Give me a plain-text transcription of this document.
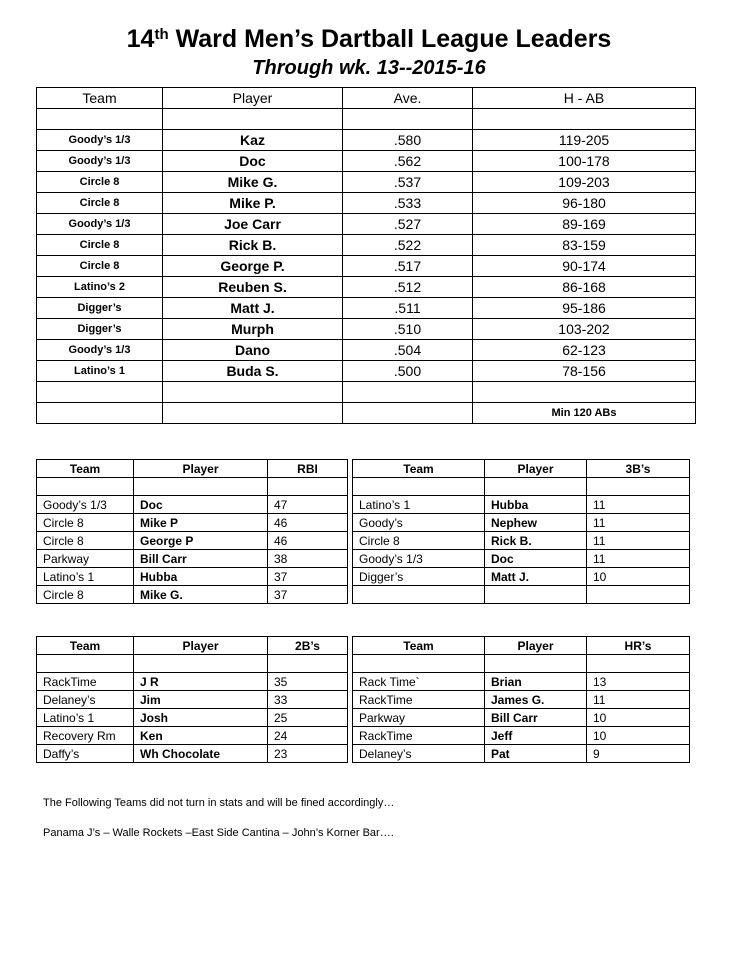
14th Ward Men’s Dartball League Leaders
Through wk. 13--2015-16
Team	Player	Ave.	H - AB

Goody’s 1/3	Kaz	.580	119-205
Goody’s 1/3	Doc	.562	100-178
Circle 8	Mike G.	.537	109-203
Circle 8	Mike P.	.533	96-180
Goody’s 1/3	Joe Carr	.527	89-169
Circle 8	Rick B.	.522	83-159
Circle 8	George P.	.517	90-174
Latino’s 2	Reuben S.	.512	86-168
Digger’s	Matt J.	.511	95-186
Digger’s	Murph	.510	103-202
Goody’s 1/3	Dano	.504	62-123
Latino’s 1	Buda S.	.500	78-156

			Min 120 ABs
Team	Player	RBI

Goody’s 1/3	Doc	47
Circle 8	Mike P	46
Circle 8	George P	46
Parkway	Bill Carr	38
Latino’s 1	Hubba	37
Circle 8	Mike G.	37
Team	Player	3B’s

Latino’s 1	Hubba	11
Goody’s	Nephew	11
Circle 8	Rick B.	11
Goody’s 1/3	Doc	11
Digger’s	Matt J.	10

Team	Player	2B’s

RackTime	J R	35
Delaney’s	Jim	33
Latino’s 1	Josh	25
Recovery Rm	Ken	24
Daffy’s	Wh Chocolate	23
Team	Player	HR’s

Rack Time`	Brian	13
RackTime	James G.	11
Parkway	Bill Carr	10
RackTime	Jeff	10
Delaney’s	Pat	9
The Following Teams did not turn in stats and will be fined accordingly…
Panama J’s – Walle Rockets –East Side Cantina – John’s Korner Bar….
